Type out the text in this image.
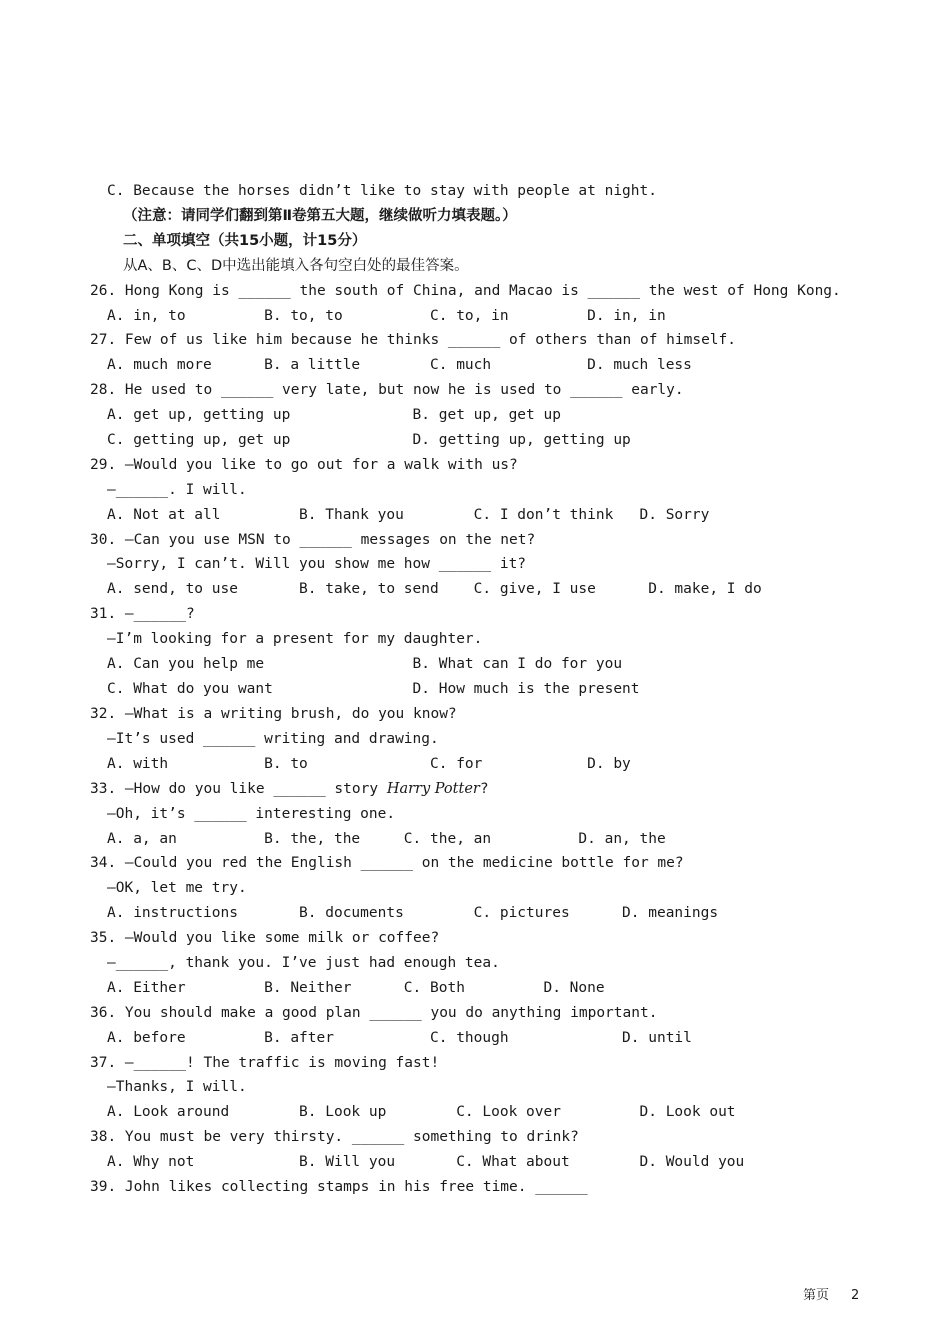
C. Because the horses didn’t like to stay with people at night.
（注意：请同学们翻到第Ⅱ卷第五大题，继续做听力填表题。）
二、单项填空（共15小题，计15分）
从A、B、C、D中选出能填入各句空白处的最佳答案。
26. Hong Kong is ______ the south of China, and Macao is ______ the west of Hong Kong.
A. in, to         B. to, to          C. to, in         D. in, in
27. Few of us like him because he thinks ______ of others than of himself.
A. much more      B. a little        C. much           D. much less
28. He used to ______ very late, but now he is used to ______ early.
A. get up, getting up              B. get up, get up
C. getting up, get up              D. getting up, getting up
29. —Would you like to go out for a walk with us?
—______. I will.
A. Not at all         B. Thank you        C. I don’t think   D. Sorry
30. —Can you use MSN to ______ messages on the net?
—Sorry, I can’t. Will you show me how ______ it?
A. send, to use       B. take, to send    C. give, I use      D. make, I do
31. —______?
—I’m looking for a present for my daughter.
A. Can you help me                 B. What can I do for you
C. What do you want                D. How much is the present
32. —What is a writing brush, do you know?
—It’s used ______ writing and drawing.
A. with           B. to              C. for            D. by
33. —How do you like ______ story Harry Potter?
—Oh, it’s ______ interesting one.
A. a, an          B. the, the     C. the, an          D. an, the
34. —Could you red the English ______ on the medicine bottle for me?
—OK, let me try.
A. instructions       B. documents        C. pictures      D. meanings
35. —Would you like some milk or coffee?
—______, thank you. I’ve just had enough tea.
A. Either         B. Neither      C. Both         D. None
36. You should make a good plan ______ you do anything important.
A. before         B. after           C. though             D. until
37. —______! The traffic is moving fast!
—Thanks, I will.
A. Look around        B. Look up        C. Look over         D. Look out
38. You must be very thirsty. ______ something to drink?
A. Why not            B. Will you       C. What about        D. Would you
39. John likes collecting stamps in his free time. ______
第页 2
